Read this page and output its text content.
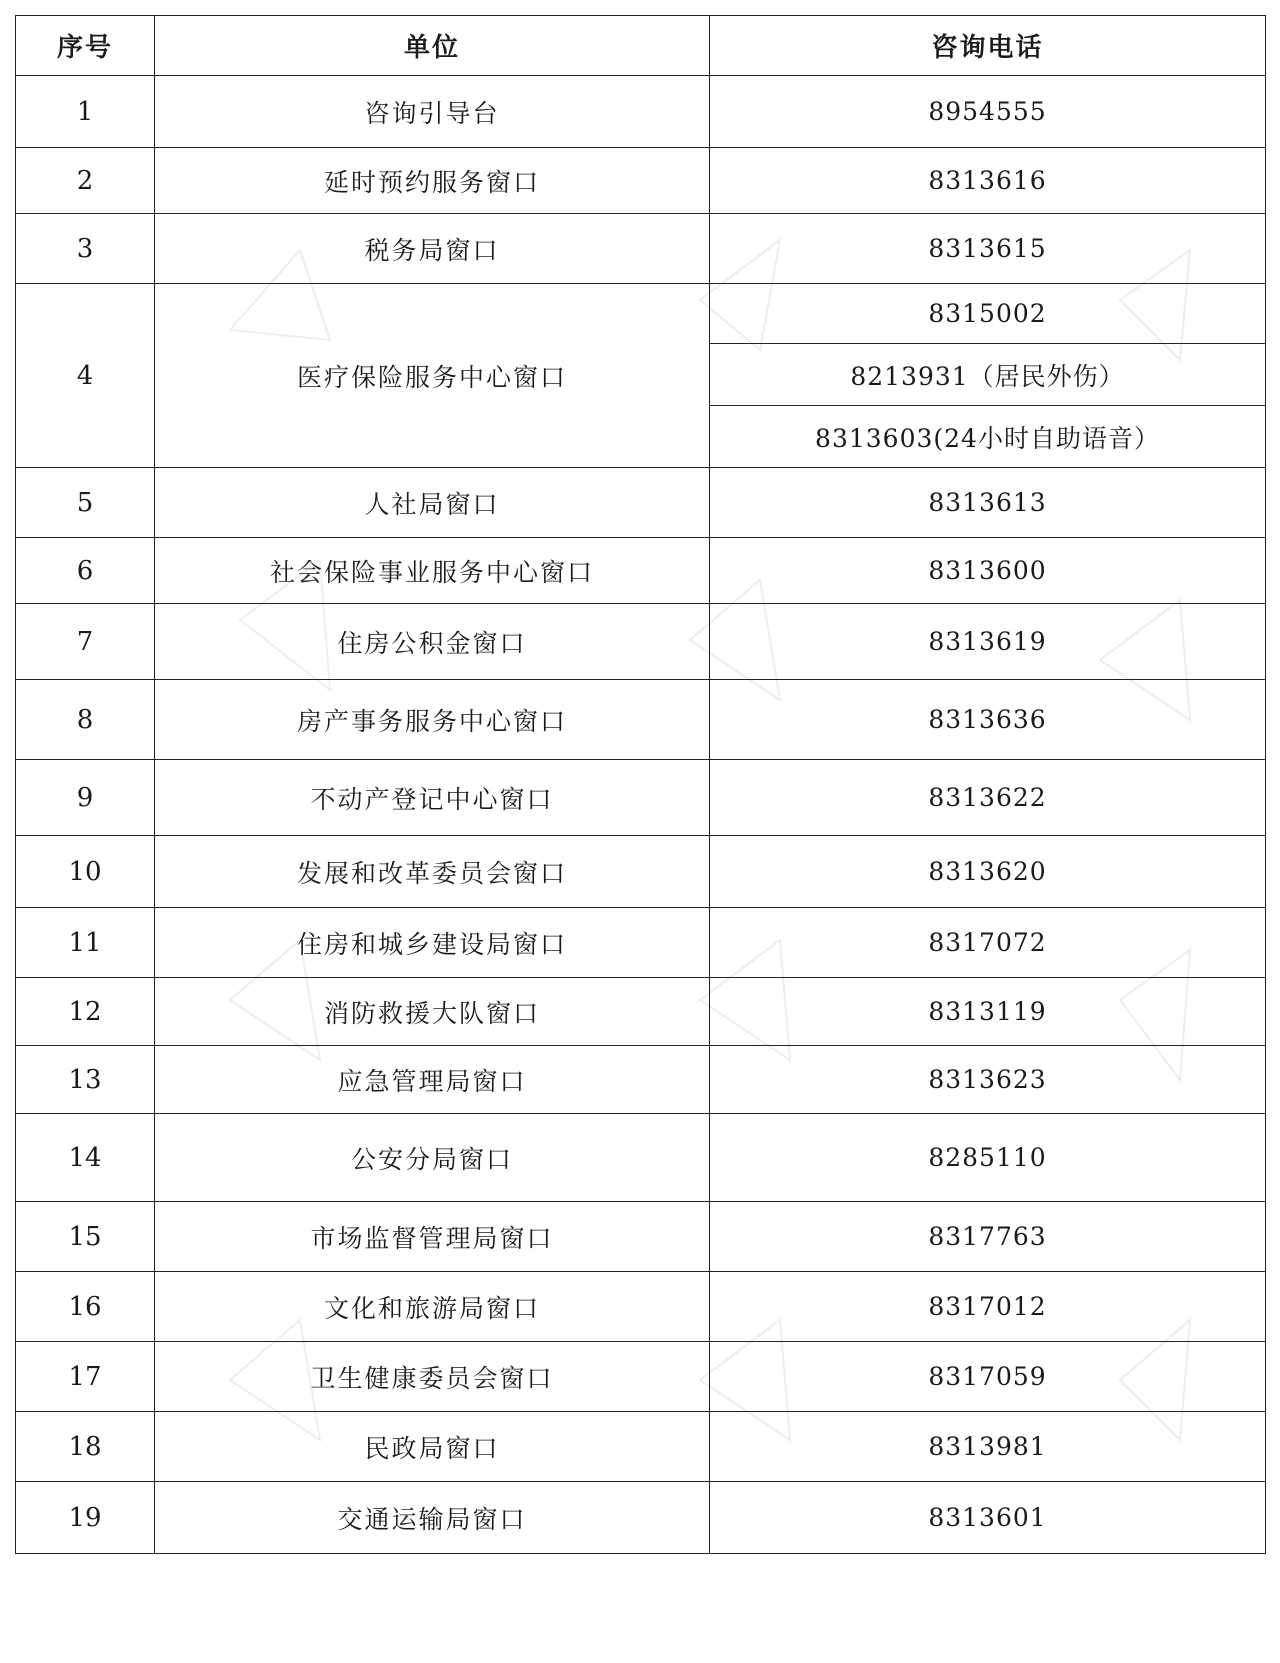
序号	单位	咨询电话
1	咨询引导台	8954555
2	延时预约服务窗口	8313616
3	税务局窗口	8313615
4	医疗保险服务中心窗口	8315002
		8213931（居民外伤）
		8313603(24小时自助语音）
5	人社局窗口	8313613
6	社会保险事业服务中心窗口	8313600
7	住房公积金窗口	8313619
8	房产事务服务中心窗口	8313636
9	不动产登记中心窗口	8313622
10	发展和改革委员会窗口	8313620
11	住房和城乡建设局窗口	8317072
12	消防救援大队窗口	8313119
13	应急管理局窗口	8313623
14	公安分局窗口	8285110
15	市场监督管理局窗口	8317763
16	文化和旅游局窗口	8317012
17	卫生健康委员会窗口	8317059
18	民政局窗口	8313981
19	交通运输局窗口	8313601
